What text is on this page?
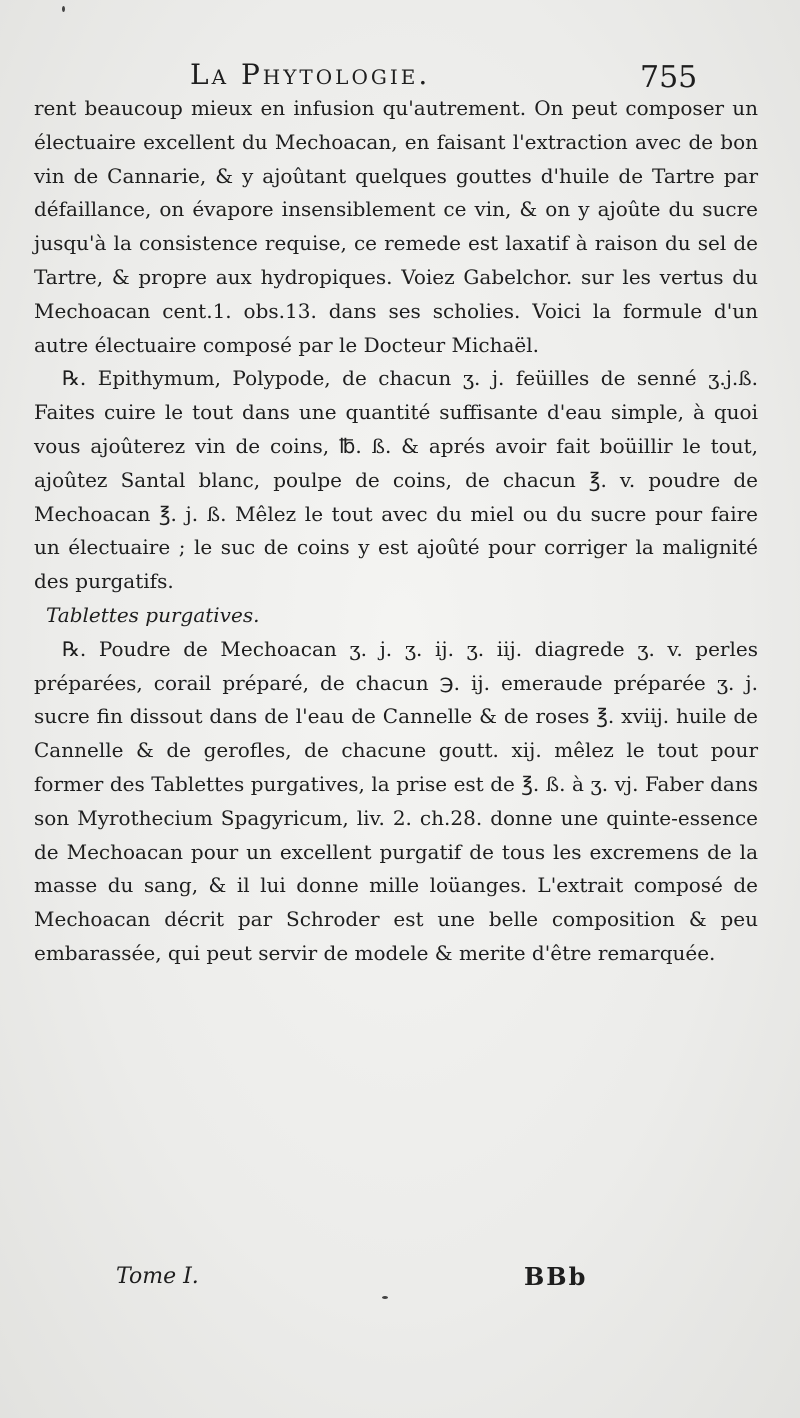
La Phytologie.	755

rent beaucoup mieux en infusion qu'autrement. On peut composer un électuaire excellent du Mechoacan, en faisant l'extraction avec de bon vin de Cannarie, & y ajoûtant quelques gouttes d'huile de Tartre par défaillance, on évapore insensiblement ce vin, & on y ajoûte du sucre jusqu'à la consistence requise, ce remede est laxatif à raison du sel de Tartre, & propre aux hydropiques. Voiez Gabelchor. sur les vertus du Mechoacan cent.1. obs.13. dans ses scholies. Voici la formule d'un autre électuaire composé par le Docteur Michaël.

℞. Epithymum, Polypode, de chacun ʒ. j. feüilles de senné ʒ.j.ß. Faites cuire le tout dans une quantité suffisante d'eau simple, à quoi vous ajoûterez vin de coins, ℔. ß. & aprés avoir fait boüillir le tout, ajoûtez Santal blanc, poulpe de coins, de chacun ℥. v. poudre de Mechoacan ℥. j. ß. Mêlez le tout avec du miel ou du sucre pour faire un électuaire ; le suc de coins y est ajoûté pour corriger la malignité des purgatifs.

Tablettes purgatives.

℞. Poudre de Mechoacan ʒ. j. ʒ. ij. ʒ. iij. diagrede ʒ. v. perles préparées, corail préparé, de chacun ℈. ij. emeraude préparée ʒ. j. sucre fin dissout dans de l'eau de Cannelle & de roses ℥. xviij. huile de Cannelle & de gerofles, de chacune goutt. xij. mêlez le tout pour former des Tablettes purgatives, la prise est de ℥. ß. à ʒ. vj. Faber dans son Myrothecium Spagyricum, liv. 2. ch.28. donne une quinte-essence de Mechoacan pour un excellent purgatif de tous les excremens de la masse du sang, & il lui donne mille loüanges. L'extrait composé de Mechoacan décrit par Schroder est une belle composition & peu embarassée, qui peut servir de modele & merite d'être remarquée.

Tome I.	BBb
